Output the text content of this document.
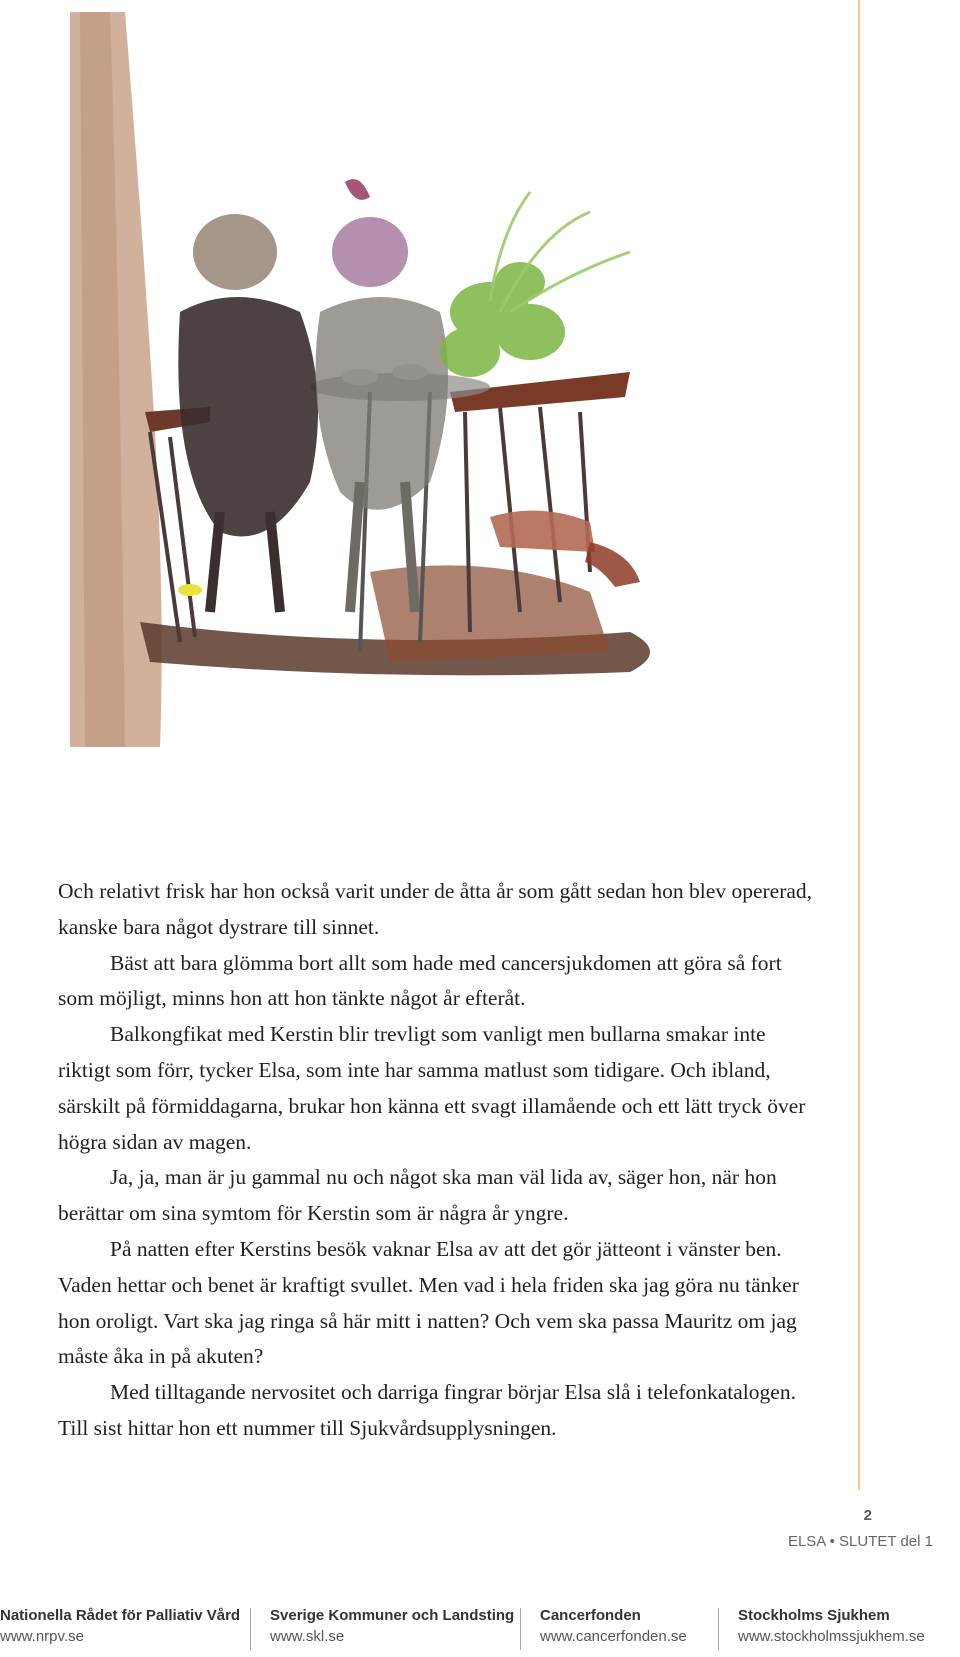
Och relativt frisk har hon också varit under de åtta år som gått sedan hon blev opererad, kanske bara något dystrare till sinnet.

Bäst att bara glömma bort allt som hade med cancersjukdomen att göra så fort som möjligt, minns hon att hon tänkte något år efteråt.

Balkongfikat med Kerstin blir trevligt som vanligt men bullarna smakar inte riktigt som förr, tycker Elsa, som inte har samma matlust som tidigare. Och ibland, särskilt på förmiddagarna, brukar hon känna ett svagt illamående och ett lätt tryck över högra sidan av magen.

Ja, ja, man är ju gammal nu och något ska man väl lida av, säger hon, när hon berättar om sina symtom för Kerstin som är några år yngre.

På natten efter Kerstins besök vaknar Elsa av att det gör jätteont i vänster ben. Vaden hettar och benet är kraftigt svullet. Men vad i hela friden ska jag göra nu tänker hon oroligt. Vart ska jag ringa så här mitt i natten? Och vem ska passa Mauritz om jag måste åka in på akuten?

Med tilltagande nervositet och darriga fingrar börjar Elsa slå i telefonkatalogen. Till sist hittar hon ett nummer till Sjukvårdsupplysningen.

2
ELSA • SLUTET del 1
Nationella Rådet för Palliativ Vård
www.nrpv.se
Sverige Kommuner och Landsting
www.skl.se
Cancerfonden
www.cancerfonden.se
Stockholms Sjukhem
www.stockholmssjukhem.se
